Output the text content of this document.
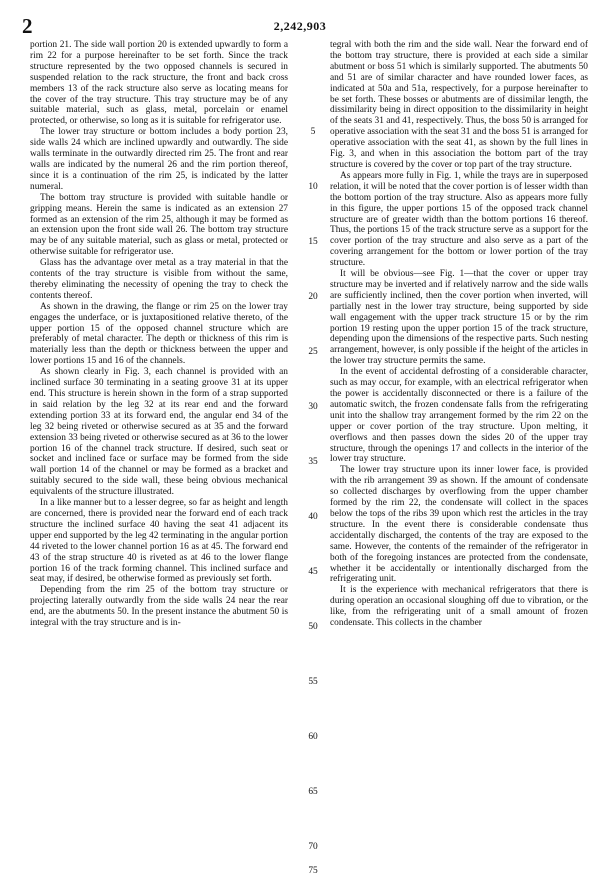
2	2,242,903

portion 21. The side wall portion 20 is extended upwardly to form a rim 22 for a purpose hereinafter to be set forth. Since the track structure represented by the two opposed channels is secured in suspended relation to the rack structure, the front and back cross members 13 of the rack structure also serve as locating means for the cover of the tray structure. This tray structure may be of any suitable material, such as glass, metal, porcelain or enamel protected, or otherwise, so long as it is suitable for refrigerator use.

The lower tray structure or bottom includes a body portion 23, side walls 24 which are inclined upwardly and outwardly. The side walls terminate in the outwardly directed rim 25. The front and rear walls are indicated by the numeral 26 and the rim portion thereof, since it is a continuation of the rim 25, is indicated by the latter numeral.

The bottom tray structure is provided with suitable handle or gripping means. Herein the same is indicated as an extension 27 formed as an extension of the rim 25, although it may be formed as an extension upon the front side wall 26. The bottom tray structure may be of any suitable material, such as glass or metal, protected or otherwise suitable for refrigerator use.

Glass has the advantage over metal as a tray material in that the contents of the tray structure is visible from without the same, thereby eliminating the necessity of opening the tray to check the contents thereof.

As shown in the drawing, the flange or rim 25 on the lower tray engages the underface, or is juxtapositioned relative thereto, of the upper portion 15 of the opposed channel structure which are preferably of metal character. The depth or thickness of this rim is materially less than the depth or thickness between the upper and lower portions 15 and 16 of the channels.

As shown clearly in Fig. 3, each channel is provided with an inclined surface 30 terminating in a seating groove 31 at its upper end. This structure is herein shown in the form of a strap supported in said relation by the leg 32 at its rear end and the forward extending portion 33 at its forward end, the angular end 34 of the leg 32 being riveted or otherwise secured as at 35 and the forward extension 33 being riveted or otherwise secured as at 36 to the lower portion 16 of the channel track structure. If desired, such seat or socket and inclined face or surface may be formed from the side wall portion 14 of the channel or may be formed as a bracket and suitably secured to the side wall, these being obvious mechanical equivalents of the structure illustrated.

In a like manner but to a lesser degree, so far as height and length are concerned, there is provided near the forward end of each track structure the inclined surface 40 having the seat 41 adjacent its upper end supported by the leg 42 terminating in the angular portion 44 riveted to the lower channel portion 16 as at 45. The forward end 43 of the strap structure 40 is riveted as at 46 to the lower flange portion 16 of the track forming channel. This inclined surface and seat may, if desired, be otherwise formed as previously set forth.

Depending from the rim 25 of the bottom tray structure or projecting laterally outwardly from the side walls 24 near the rear end, are the abutments 50. In the present instance the abutment 50 is integral with the tray structure and is in-

5
10
15
20
25
30
35
40
45
50
55
60
65
70
75

tegral with both the rim and the side wall. Near the forward end of the bottom tray structure, there is provided at each side a similar abutment or boss 51 which is similarly supported. The abutments 50 and 51 are of similar character and have rounded lower faces, as indicated at 50a and 51a, respectively, for a purpose hereinafter to be set forth. These bosses or abutments are of dissimilar length, the dissimilarity being in direct opposition to the dissimilarity in height of the seats 31 and 41, respectively. Thus, the boss 50 is arranged for operative association with the seat 31 and the boss 51 is arranged for operative association with the seat 41, as shown by the full lines in Fig. 3, and when in this association the bottom part of the tray structure is covered by the cover or top part of the tray structure.

As appears more fully in Fig. 1, while the trays are in superposed relation, it will be noted that the cover portion is of lesser width than the bottom portion of the tray structure. Also as appears more fully in this figure, the upper portions 15 of the opposed track channel structure are of greater width than the bottom portions 16 thereof. Thus, the portions 15 of the track structure serve as a support for the cover portion of the tray structure and also serve as a part of the covering arrangement for the bottom or lower portion of the tray structure.

It will be obvious—see Fig. 1—that the cover or upper tray structure may be inverted and if relatively narrow and the side walls are sufficiently inclined, then the cover portion when inverted, will partially nest in the lower tray structure, being supported by side wall engagement with the upper track structure 15 or by the rim portion 19 resting upon the upper portion 15 of the track structure, depending upon the dimensions of the respective parts. Such nesting arrangement, however, is only possible if the height of the articles in the lower tray structure permits the same.

In the event of accidental defrosting of a considerable character, such as may occur, for example, with an electrical refrigerator when the power is accidentally disconnected or there is a failure of the automatic switch, the frozen condensate falls from the refrigerating unit into the shallow tray arrangement formed by the rim 22 on the upper or cover portion of the tray structure. Upon melting, it overflows and then passes down the sides 20 of the upper tray structure, through the openings 17 and collects in the interior of the lower tray structure.

The lower tray structure upon its inner lower face, is provided with the rib arrangement 39 as shown. If the amount of condensate so collected discharges by overflowing from the upper chamber formed by the rim 22, the condensate will collect in the spaces below the tops of the ribs 39 upon which rest the articles in the tray structure. In the event there is considerable condensate thus accidentally discharged, the contents of the tray are exposed to the same. However, the contents of the remainder of the refrigerator in both of the foregoing instances are protected from the condensate, whether it be accidentally or intentionally discharged from the refrigerating unit.

It is the experience with mechanical refrigerators that there is during operation an occasional sloughing off due to vibration, or the like, from the refrigerating unit of a small amount of frozen condensate. This collects in the chamber
